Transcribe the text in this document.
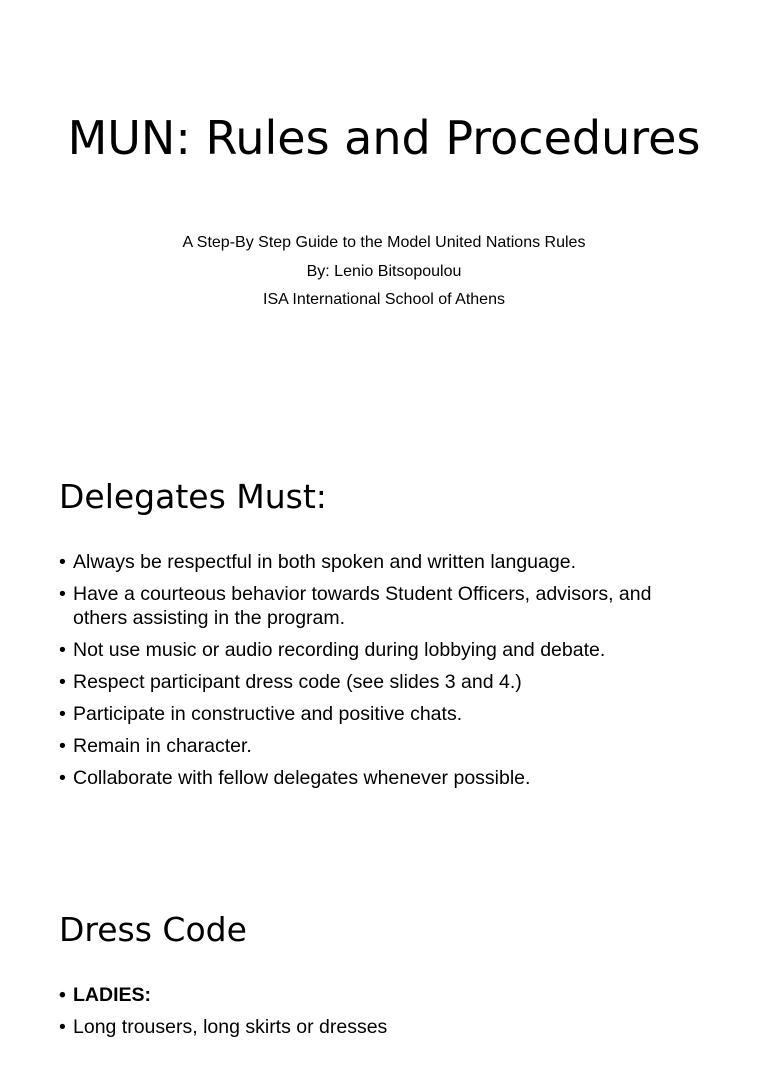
MUN: Rules and Procedures
A Step-By Step Guide to the Model United Nations Rules
By: Lenio Bitsopoulou
ISA International School of Athens
Delegates Must:
• Always be respectful in both spoken and written language.
• Have a courteous behavior towards Student Officers, advisors, and others assisting in the program.
• Not use music or audio recording during lobbying and debate.
• Respect participant dress code (see slides 3 and 4.)
• Participate in constructive and positive chats.
• Remain in character.
• Collaborate with fellow delegates whenever possible.
Dress Code
• LADIES:
• Long trousers, long skirts or dresses
